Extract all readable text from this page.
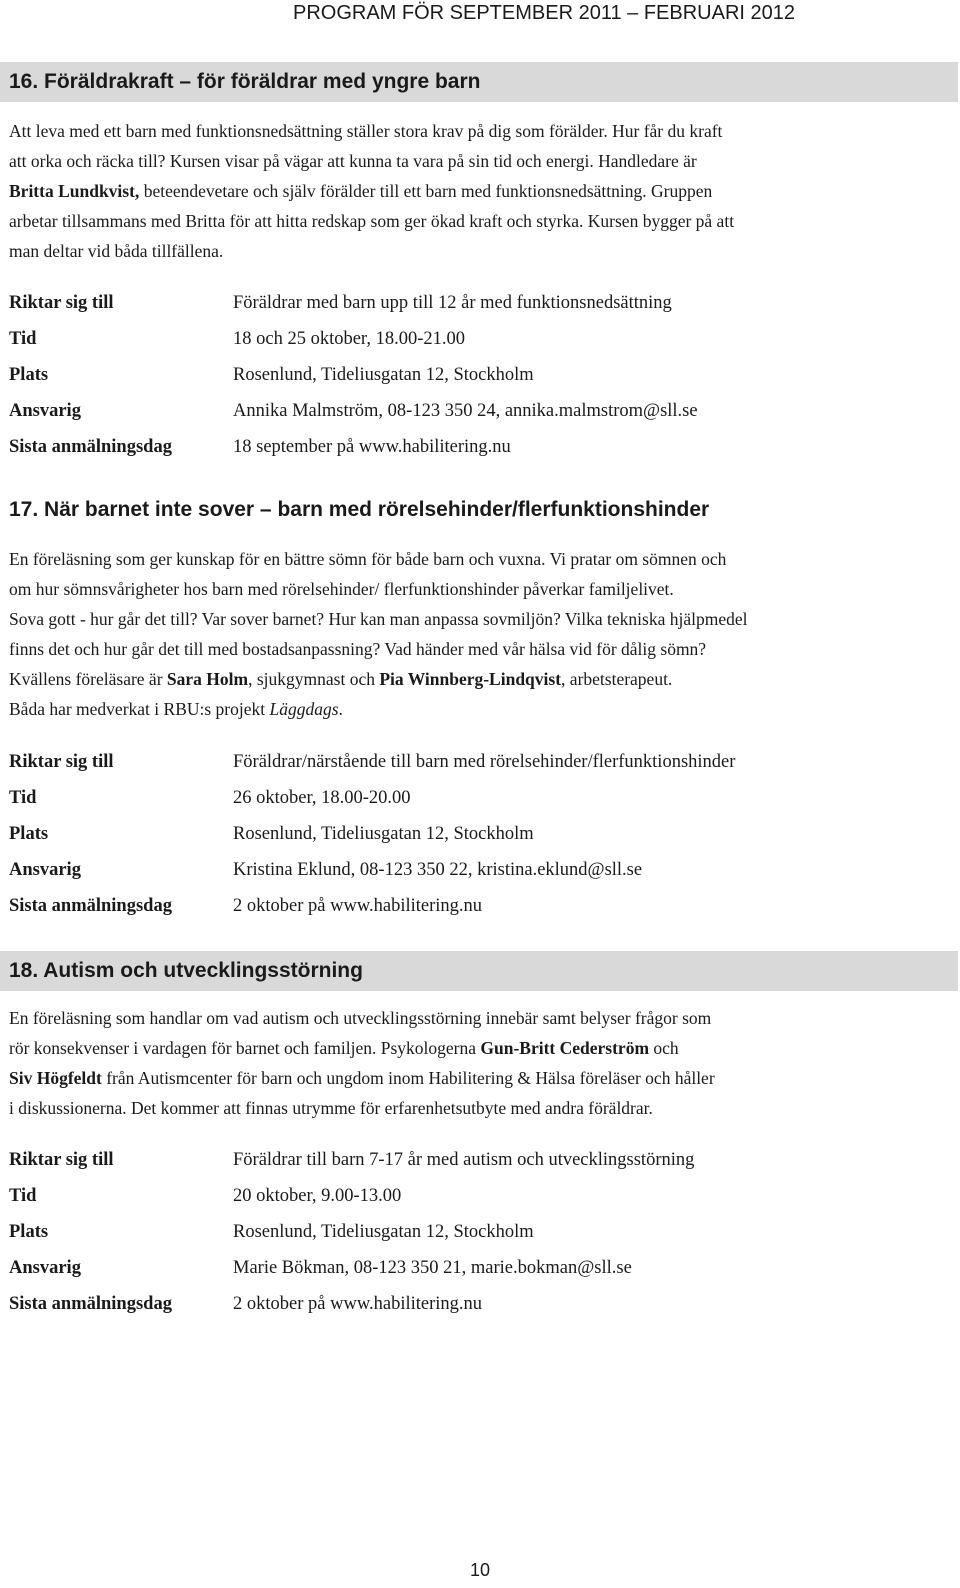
PROGRAM FÖR SEPTEMBER 2011 – FEBRUARI 2012
16. Föräldrakraft – för föräldrar med yngre barn
Att leva med ett barn med funktionsnedsättning ställer stora krav på dig som förälder. Hur får du kraft
att orka och räcka till? Kursen visar på vägar att kunna ta vara på sin tid och energi. Handledare är
Britta Lundkvist, beteendevetare och själv förälder till ett barn med funktionsnedsättning. Gruppen
arbetar tillsammans med Britta för att hitta redskap som ger ökad kraft och styrka. Kursen bygger på att
man deltar vid båda tillfällena.
Riktar sig till	Föräldrar med barn upp till 12 år med funktionsnedsättning
Tid	18 och 25 oktober, 18.00-21.00
Plats	Rosenlund, Tideliusgatan 12, Stockholm
Ansvarig	Annika Malmström, 08-123 350 24, annika.malmstrom@sll.se
Sista anmälningsdag	18 september på www.habilitering.nu
17. När barnet inte sover – barn med rörelsehinder/flerfunktionshinder
En föreläsning som ger kunskap för en bättre sömn för både barn och vuxna. Vi pratar om sömnen och
om hur sömnsvårigheter hos barn med rörelsehinder/ flerfunktionshinder påverkar familjelivet.
Sova gott - hur går det till? Var sover barnet? Hur kan man anpassa sovmiljön? Vilka tekniska hjälpmedel
finns det och hur går det till med bostadsanpassning? Vad händer med vår hälsa vid för dålig sömn?
Kvällens föreläsare är Sara Holm, sjukgymnast och Pia Winnberg-Lindqvist, arbetsterapeut.
Båda har medverkat i RBU:s projekt Läggdags.
Riktar sig till	Föräldrar/närstående till barn med rörelsehinder/flerfunktionshinder
Tid	26 oktober, 18.00-20.00
Plats	Rosenlund, Tideliusgatan 12, Stockholm
Ansvarig	Kristina Eklund, 08-123 350 22, kristina.eklund@sll.se
Sista anmälningsdag	2 oktober på www.habilitering.nu
18. Autism och utvecklingsstörning
En föreläsning som handlar om vad autism och utvecklingsstörning innebär samt belyser frågor som
rör konsekvenser i vardagen för barnet och familjen. Psykologerna Gun-Britt Cederström och
Siv Högfeldt från Autismcenter för barn och ungdom inom Habilitering & Hälsa föreläser och håller
i diskussionerna. Det kommer att finnas utrymme för erfarenhetsutbyte med andra föräldrar.
Riktar sig till	Föräldrar till barn 7-17 år med autism och utvecklingsstörning
Tid	20 oktober, 9.00-13.00
Plats	Rosenlund, Tideliusgatan 12, Stockholm
Ansvarig	Marie Bökman, 08-123 350 21, marie.bokman@sll.se
Sista anmälningsdag	2 oktober på www.habilitering.nu
10
